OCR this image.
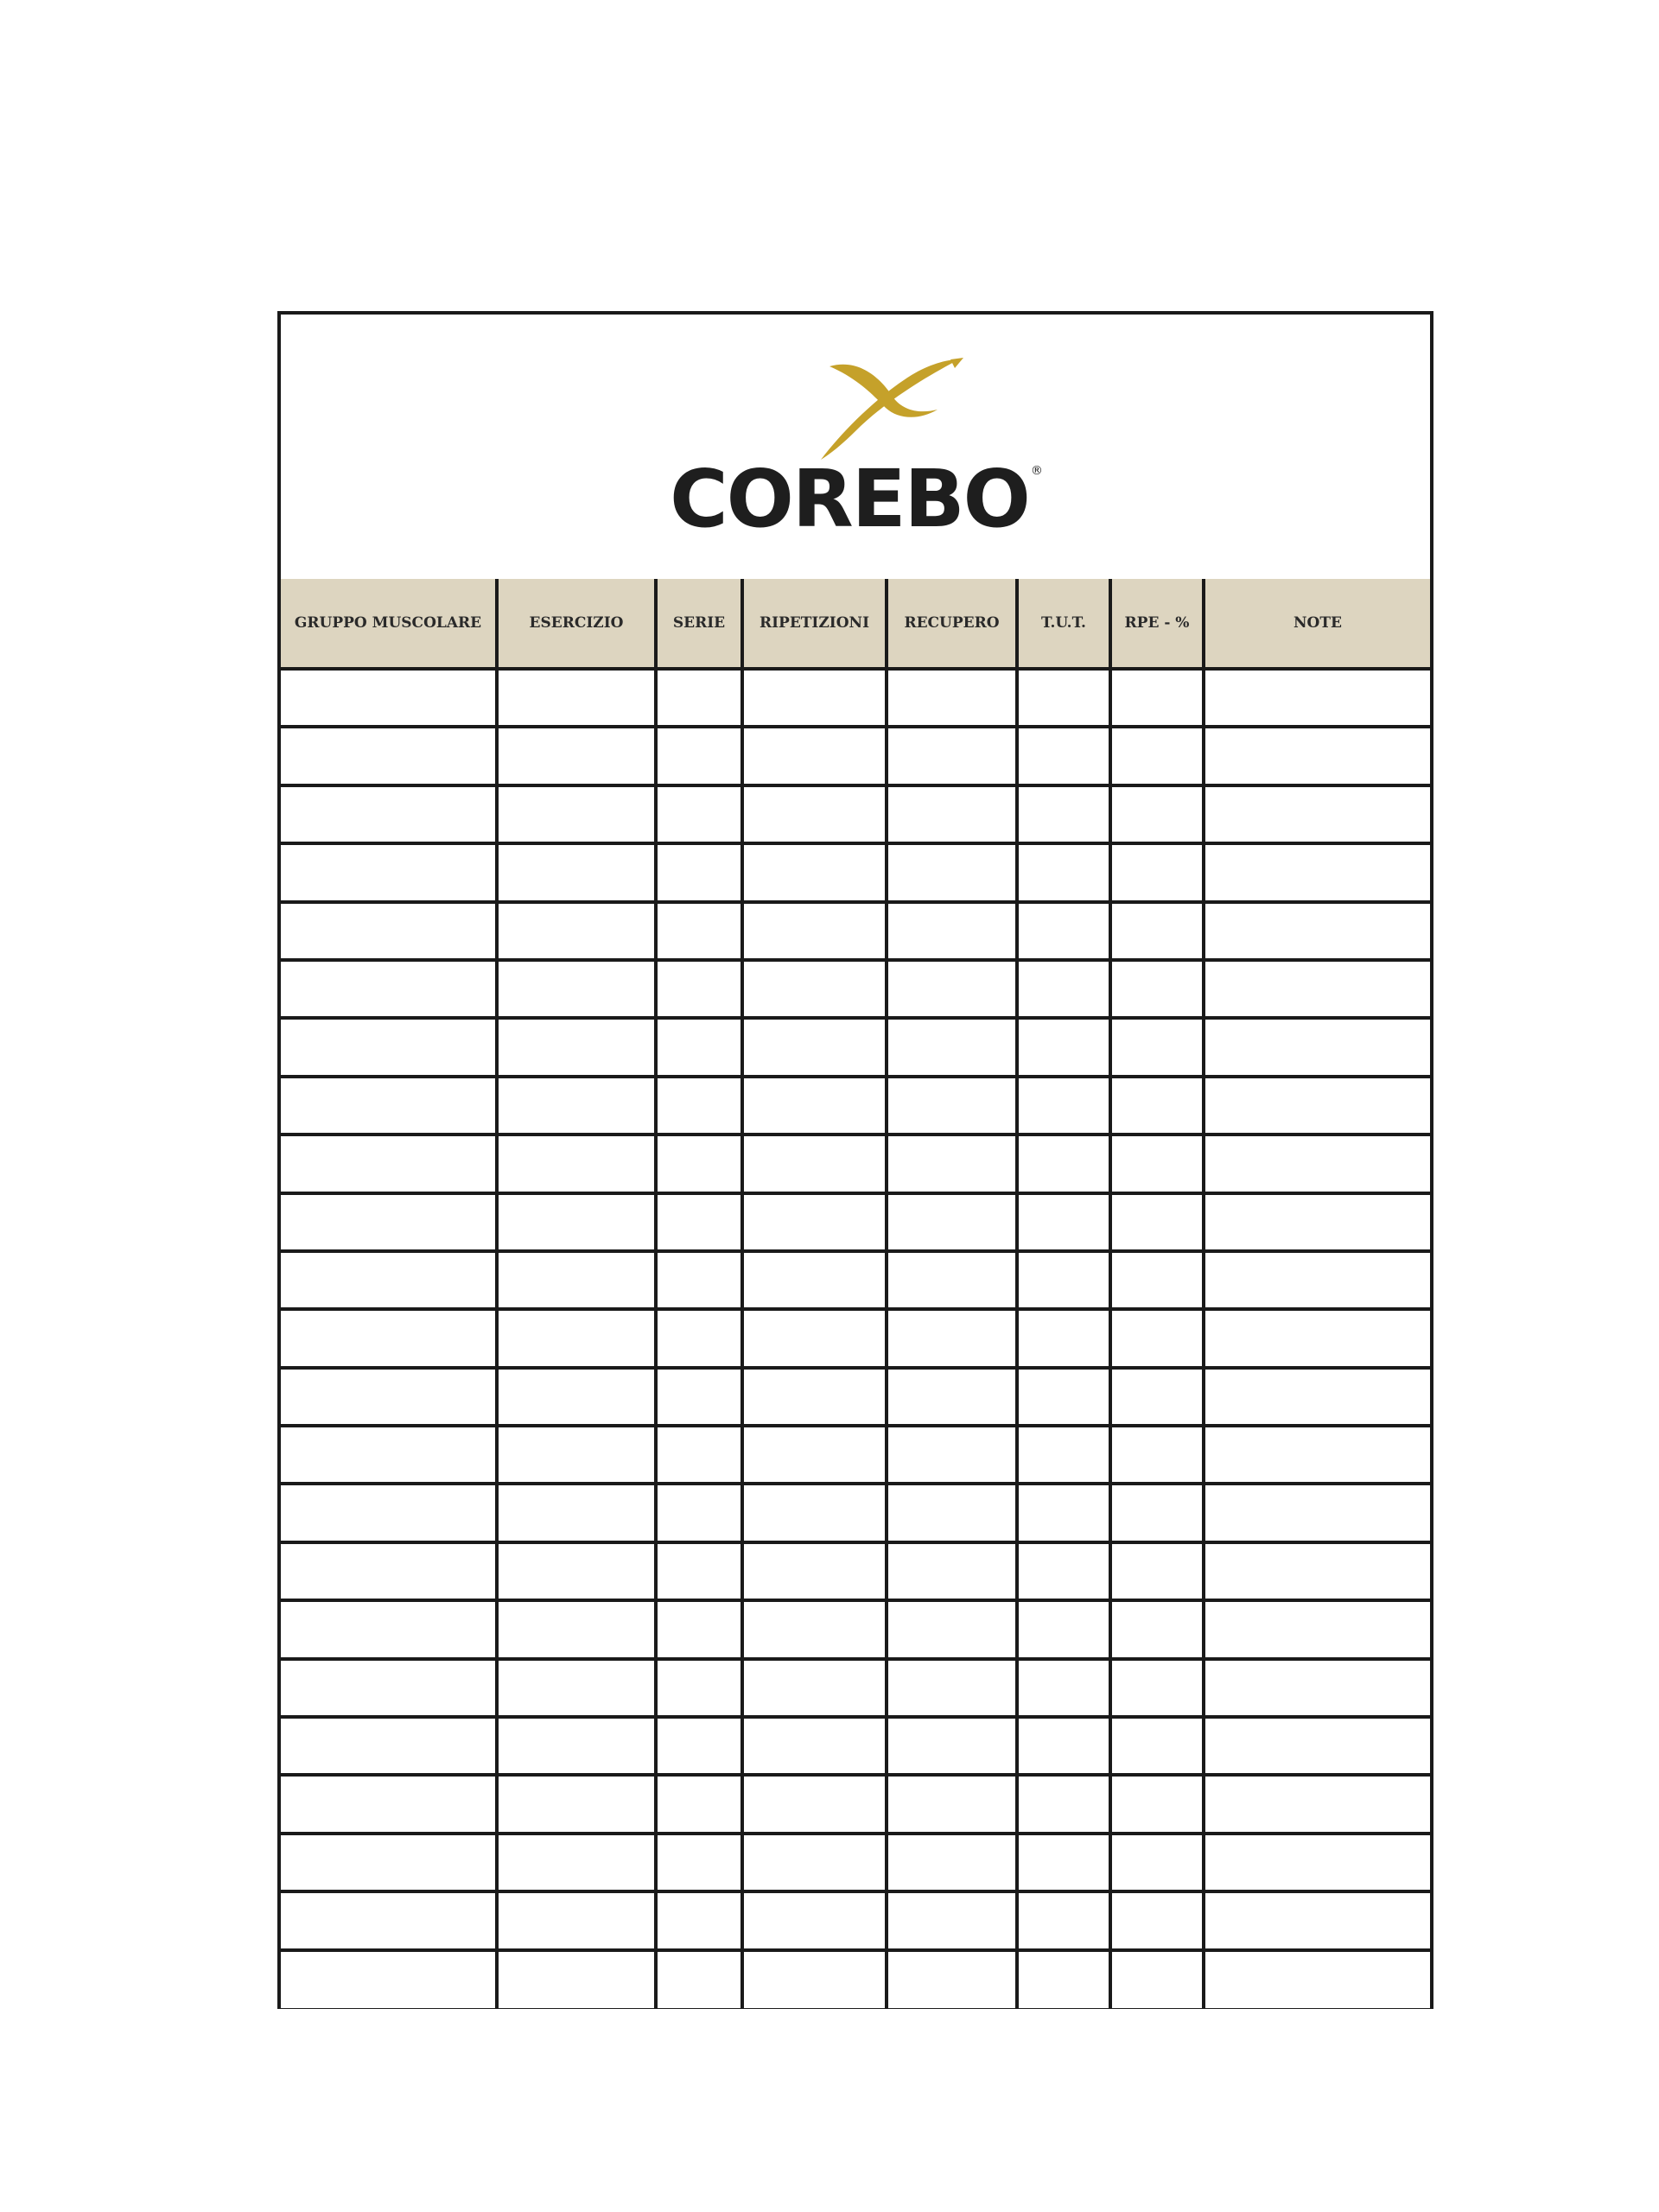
COREBO ®
GRUPPO MUSCOLARE	ESERCIZIO	SERIE	RIPETIZIONI	RECUPERO	T.U.T.	RPE - %	NOTE
